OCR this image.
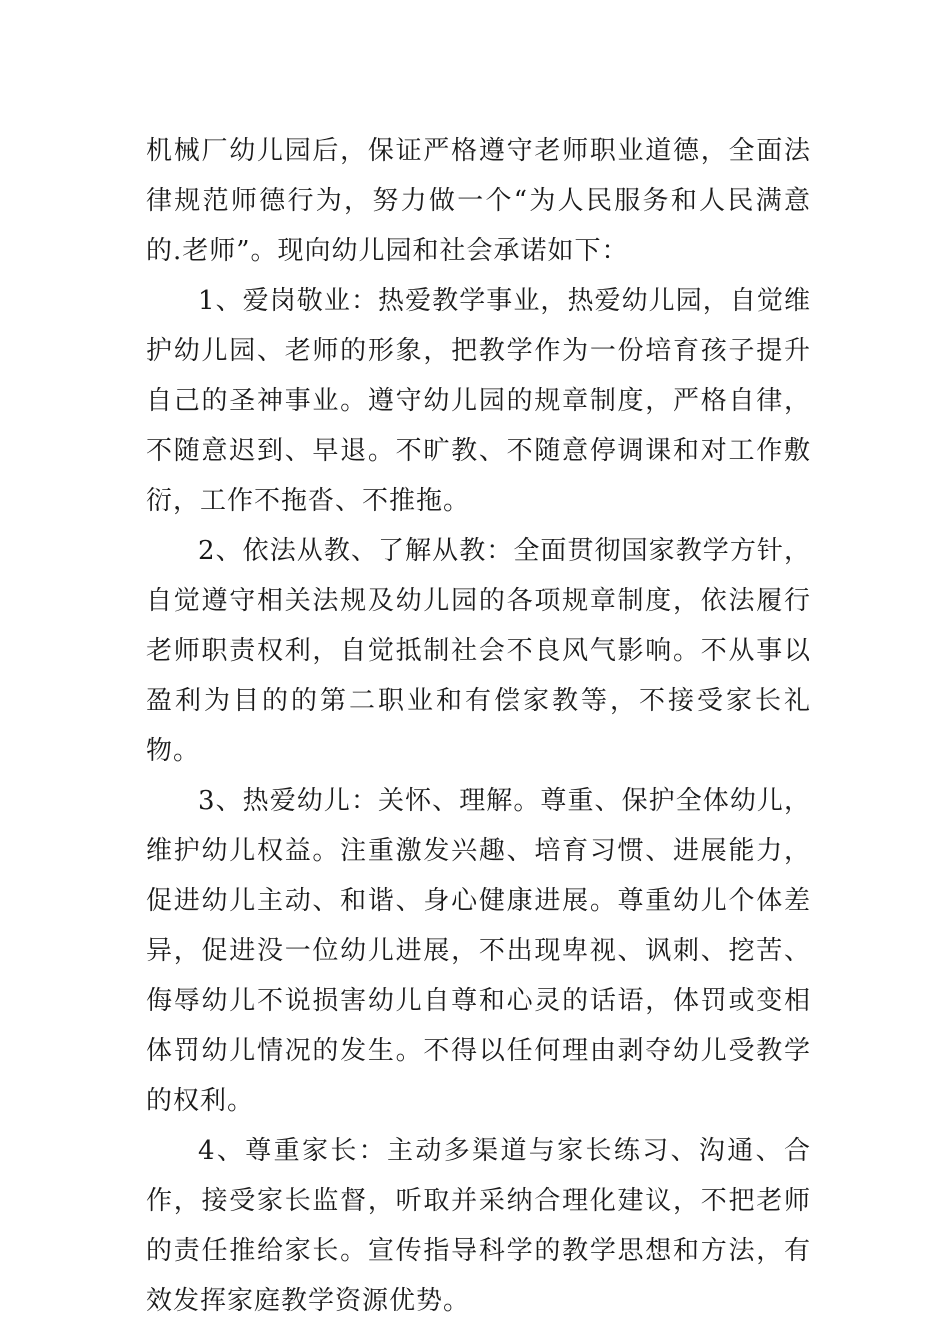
机械厂幼儿园后，保证严格遵守老师职业道德，全面法律规范师德行为，努力做一个“为人民服务和人民满意的.老师”。现向幼儿园和社会承诺如下：

1、爱岗敬业：热爱教学事业，热爱幼儿园，自觉维护幼儿园、老师的形象，把教学作为一份培育孩子提升自己的圣神事业。遵守幼儿园的规章制度，严格自律，不随意迟到、早退。不旷教、不随意停调课和对工作敷衍，工作不拖沓、不推拖。

2、依法从教、了解从教：全面贯彻国家教学方针，自觉遵守相关法规及幼儿园的各项规章制度，依法履行老师职责权利，自觉抵制社会不良风气影响。不从事以盈利为目的的第二职业和有偿家教等，不接受家长礼物。

3、热爱幼儿：关怀、理解。尊重、保护全体幼儿，维护幼儿权益。注重激发兴趣、培育习惯、进展能力，促进幼儿主动、和谐、身心健康进展。尊重幼儿个体差异，促进没一位幼儿进展，不出现卑视、讽刺、挖苦、侮辱幼儿不说损害幼儿自尊和心灵的话语，体罚或变相体罚幼儿情况的发生。不得以任何理由剥夺幼儿受教学的权利。

4、尊重家长：主动多渠道与家长练习、沟通、合作，接受家长监督，听取并采纳合理化建议，不把老师的责任推给家长。宣传指导科学的教学思想和方法，有效发挥家庭教学资源优势。
